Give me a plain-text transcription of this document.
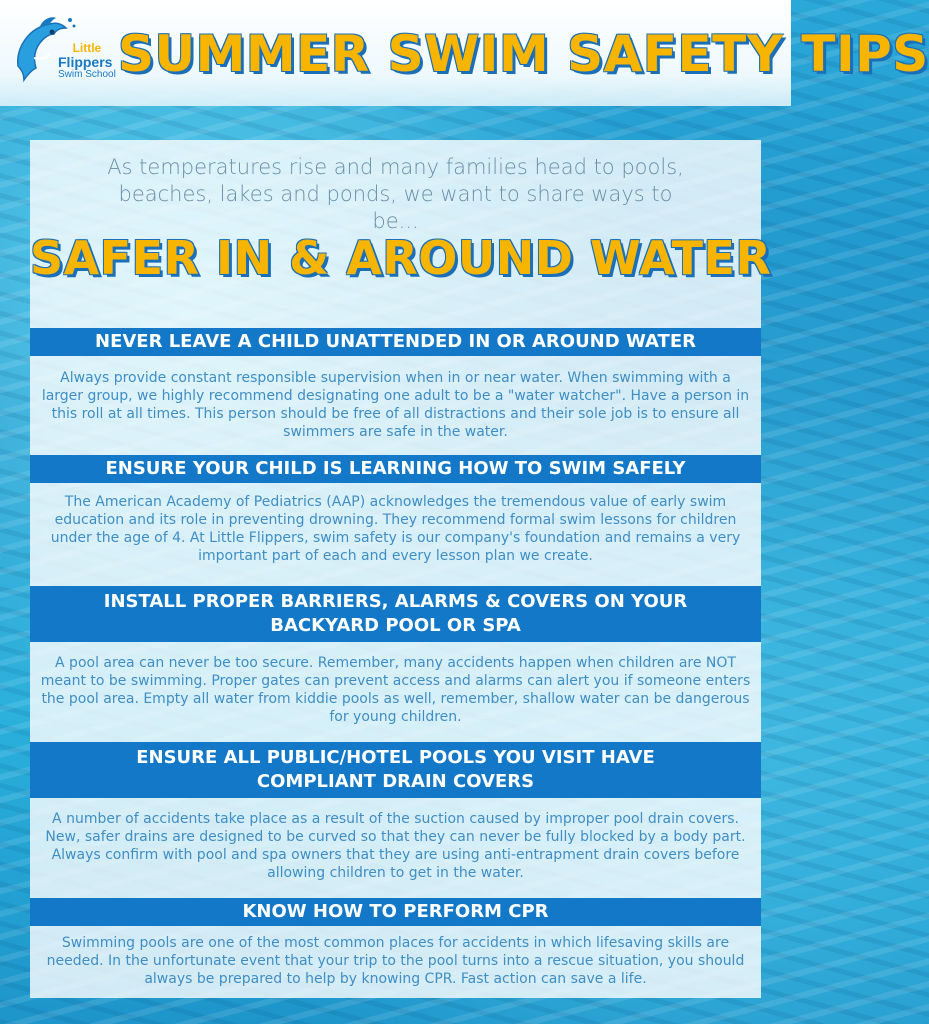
Little
Flippers
Swim School SUMMER SWIM SAFETY TIPS
As temperatures rise and many families head to pools, beaches, lakes and ponds, we want to share ways to be...
SAFER IN & AROUND WATER
NEVER LEAVE A CHILD UNATTENDED IN OR AROUND WATER
Always provide constant responsible supervision when in or near water. When swimming with a larger group, we highly recommend designating one adult to be a "water watcher". Have a person in this roll at all times. This person should be free of all distractions and their sole job is to ensure all swimmers are safe in the water.
ENSURE YOUR CHILD IS LEARNING HOW TO SWIM SAFELY
The American Academy of Pediatrics (AAP) acknowledges the tremendous value of early swim education and its role in preventing drowning. They recommend formal swim lessons for children under the age of 4. At Little Flippers, swim safety is our company's foundation and remains a very important part of each and every lesson plan we create.
INSTALL PROPER BARRIERS, ALARMS & COVERS ON YOUR BACKYARD POOL OR SPA
A pool area can never be too secure. Remember, many accidents happen when children are NOT meant to be swimming. Proper gates can prevent access and alarms can alert you if someone enters the pool area. Empty all water from kiddie pools as well, remember, shallow water can be dangerous for young children.
ENSURE ALL PUBLIC/HOTEL POOLS YOU VISIT HAVE COMPLIANT DRAIN COVERS
A number of accidents take place as a result of the suction caused by improper pool drain covers. New, safer drains are designed to be curved so that they can never be fully blocked by a body part. Always confirm with pool and spa owners that they are using anti-entrapment drain covers before allowing children to get in the water.
KNOW HOW TO PERFORM CPR
Swimming pools are one of the most common places for accidents in which lifesaving skills are needed. In the unfortunate event that your trip to the pool turns into a rescue situation, you should always be prepared to help by knowing CPR. Fast action can save a life.
